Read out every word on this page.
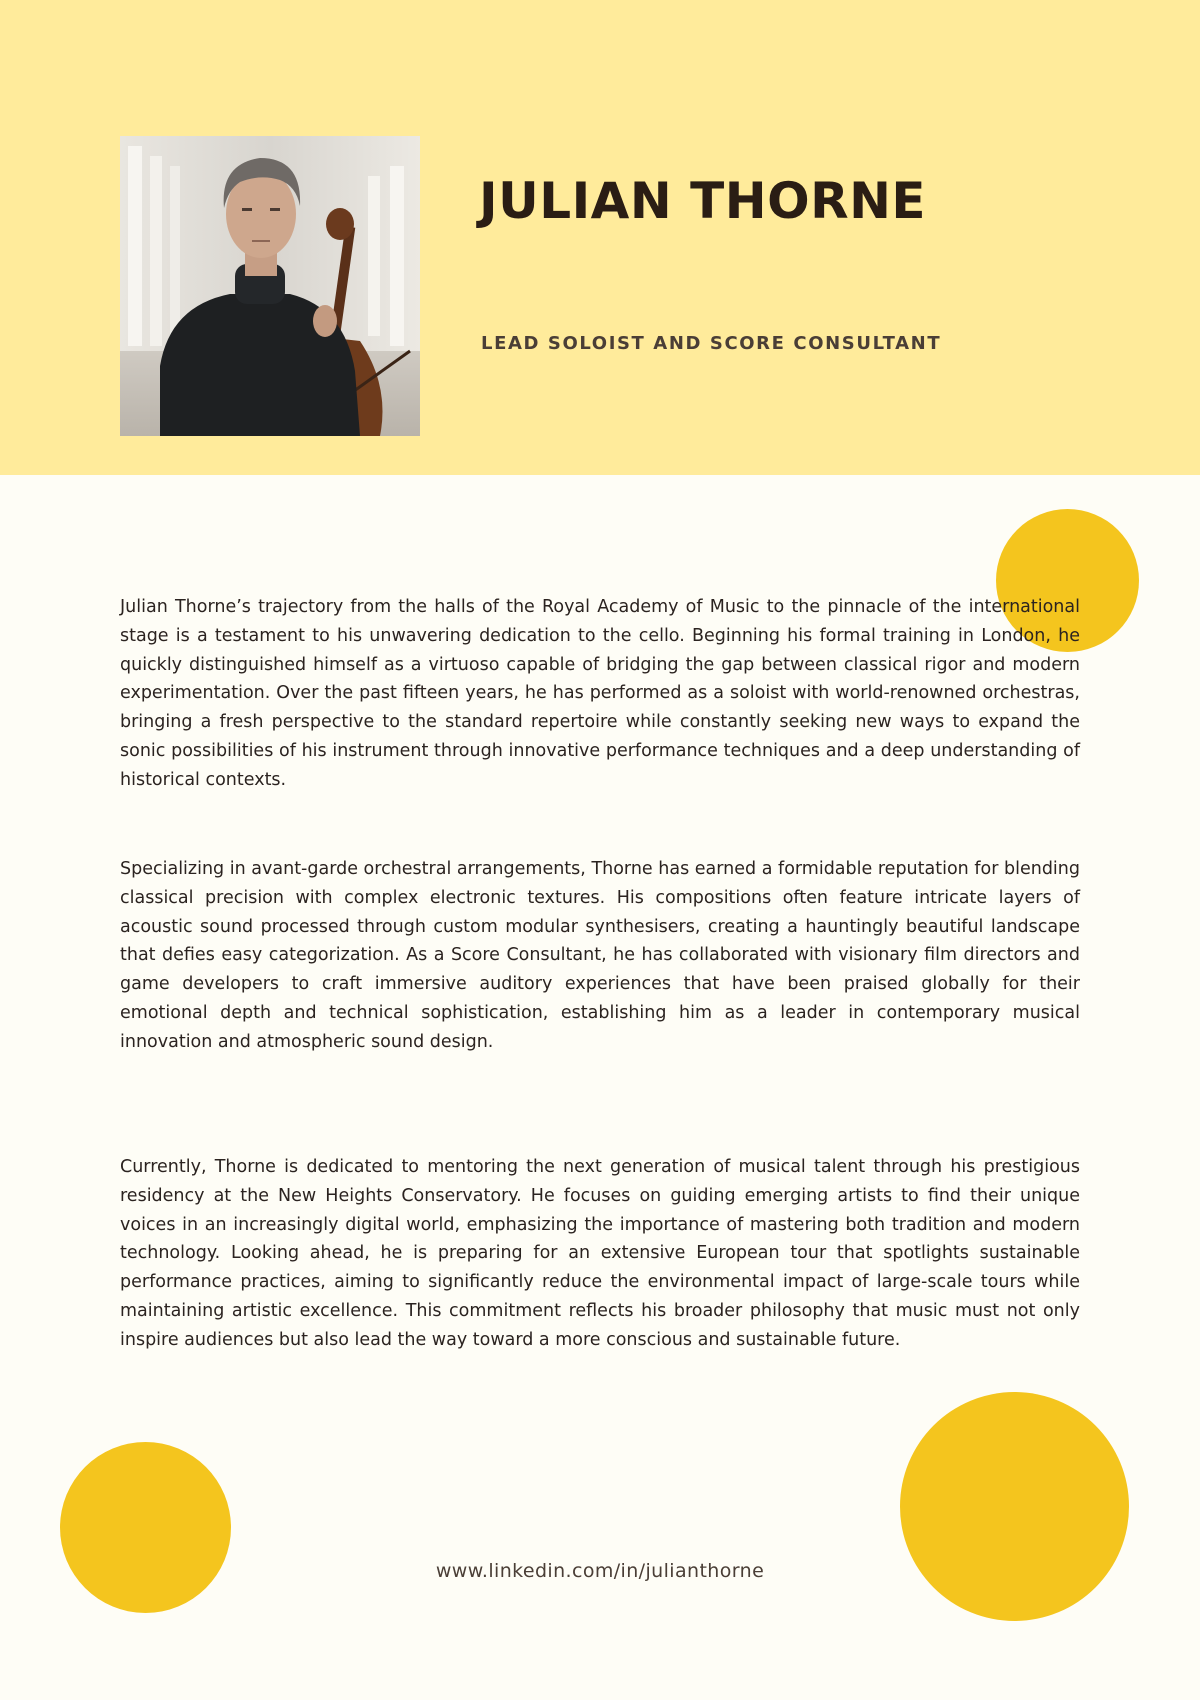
JULIAN THORNE

LEAD SOLOIST AND SCORE CONSULTANT

Julian Thorne’s trajectory from the halls of the Royal Academy of Music to the pinnacle of the international stage is a testament to his unwavering dedication to the cello. Beginning his formal training in London, he quickly distinguished himself as a virtuoso capable of bridging the gap between classical rigor and modern experimentation. Over the past fifteen years, he has performed as a soloist with world-renowned orchestras, bringing a fresh perspective to the standard repertoire while constantly seeking new ways to expand the sonic possibilities of his instrument through innovative performance techniques and a deep understanding of historical contexts.

Specializing in avant-garde orchestral arrangements, Thorne has earned a formidable reputation for blending classical precision with complex electronic textures. His compositions often feature intricate layers of acoustic sound processed through custom modular synthesisers, creating a hauntingly beautiful landscape that defies easy categorization. As a Score Consultant, he has collaborated with visionary film directors and game developers to craft immersive auditory experiences that have been praised globally for their emotional depth and technical sophistication, establishing him as a leader in contemporary musical innovation and atmospheric sound design.

Currently, Thorne is dedicated to mentoring the next generation of musical talent through his prestigious residency at the New Heights Conservatory. He focuses on guiding emerging artists to find their unique voices in an increasingly digital world, emphasizing the importance of mastering both tradition and modern technology. Looking ahead, he is preparing for an extensive European tour that spotlights sustainable performance practices, aiming to significantly reduce the environmental impact of large-scale tours while maintaining artistic excellence. This commitment reflects his broader philosophy that music must not only inspire audiences but also lead the way toward a more conscious and sustainable future.

www.linkedin.com/in/julianthorne
